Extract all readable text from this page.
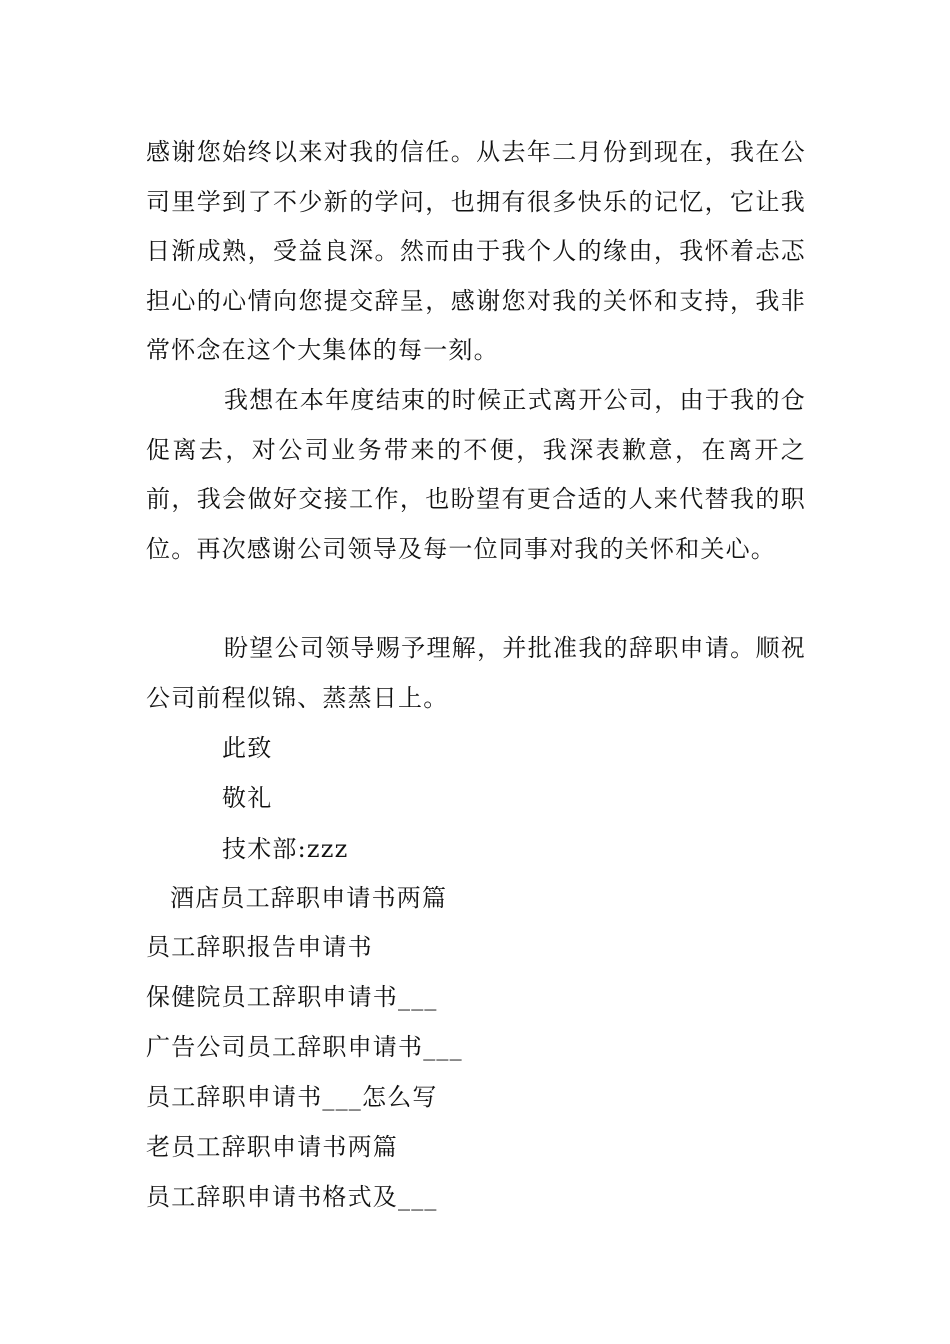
感谢您始终以来对我的信任。从去年二月份到现在，我在公司里学到了不少新的学问，也拥有很多快乐的记忆，它让我日渐成熟，受益良深。然而由于我个人的缘由，我怀着忐忑担心的心情向您提交辞呈，感谢您对我的关怀和支持，我非常怀念在这个大集体的每一刻。

我想在本年度结束的时候正式离开公司，由于我的仓促离去，对公司业务带来的不便，我深表歉意，在离开之前，我会做好交接工作，也盼望有更合适的人来代替我的职位。再次感谢公司领导及每一位同事对我的关怀和关心。

盼望公司领导赐予理解，并批准我的辞职申请。顺祝公司前程似锦、蒸蒸日上。

此致

敬礼

技术部:zzz

酒店员工辞职申请书两篇

员工辞职报告申请书

保健院员工辞职申请书___

广告公司员工辞职申请书___

员工辞职申请书___怎么写

老员工辞职申请书两篇

员工辞职申请书格式及___
